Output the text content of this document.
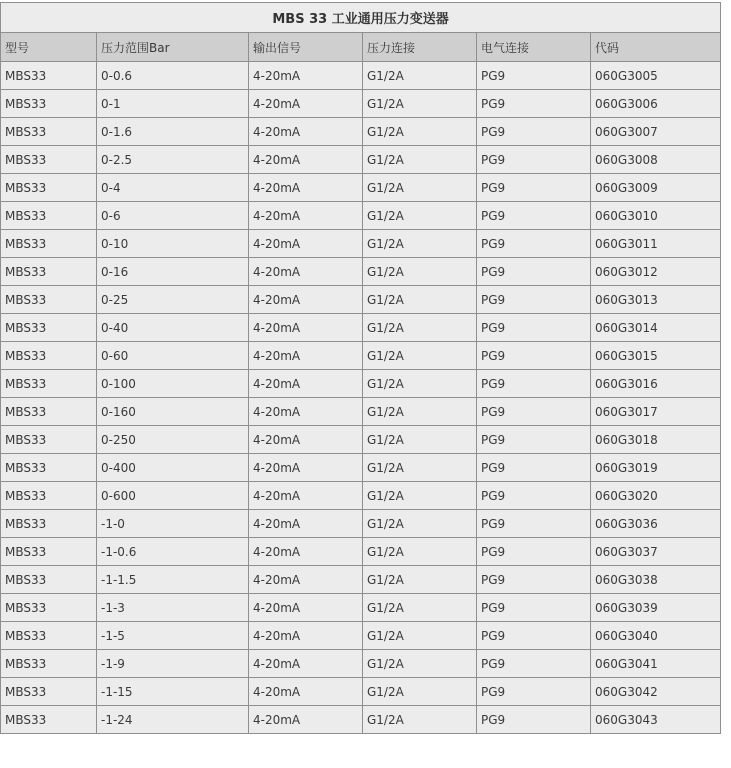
MBS 33 工业通用压力变送器					
型号	压力范围Bar	输出信号	压力连接	电气连接	代码
MBS33	0-0.6	4-20mA	G1/2A	PG9	060G3005
MBS33	0-1	4-20mA	G1/2A	PG9	060G3006
MBS33	0-1.6	4-20mA	G1/2A	PG9	060G3007
MBS33	0-2.5	4-20mA	G1/2A	PG9	060G3008
MBS33	0-4	4-20mA	G1/2A	PG9	060G3009
MBS33	0-6	4-20mA	G1/2A	PG9	060G3010
MBS33	0-10	4-20mA	G1/2A	PG9	060G3011
MBS33	0-16	4-20mA	G1/2A	PG9	060G3012
MBS33	0-25	4-20mA	G1/2A	PG9	060G3013
MBS33	0-40	4-20mA	G1/2A	PG9	060G3014
MBS33	0-60	4-20mA	G1/2A	PG9	060G3015
MBS33	0-100	4-20mA	G1/2A	PG9	060G3016
MBS33	0-160	4-20mA	G1/2A	PG9	060G3017
MBS33	0-250	4-20mA	G1/2A	PG9	060G3018
MBS33	0-400	4-20mA	G1/2A	PG9	060G3019
MBS33	0-600	4-20mA	G1/2A	PG9	060G3020
MBS33	-1-0	4-20mA	G1/2A	PG9	060G3036
MBS33	-1-0.6	4-20mA	G1/2A	PG9	060G3037
MBS33	-1-1.5	4-20mA	G1/2A	PG9	060G3038
MBS33	-1-3	4-20mA	G1/2A	PG9	060G3039
MBS33	-1-5	4-20mA	G1/2A	PG9	060G3040
MBS33	-1-9	4-20mA	G1/2A	PG9	060G3041
MBS33	-1-15	4-20mA	G1/2A	PG9	060G3042
MBS33	-1-24	4-20mA	G1/2A	PG9	060G3043
